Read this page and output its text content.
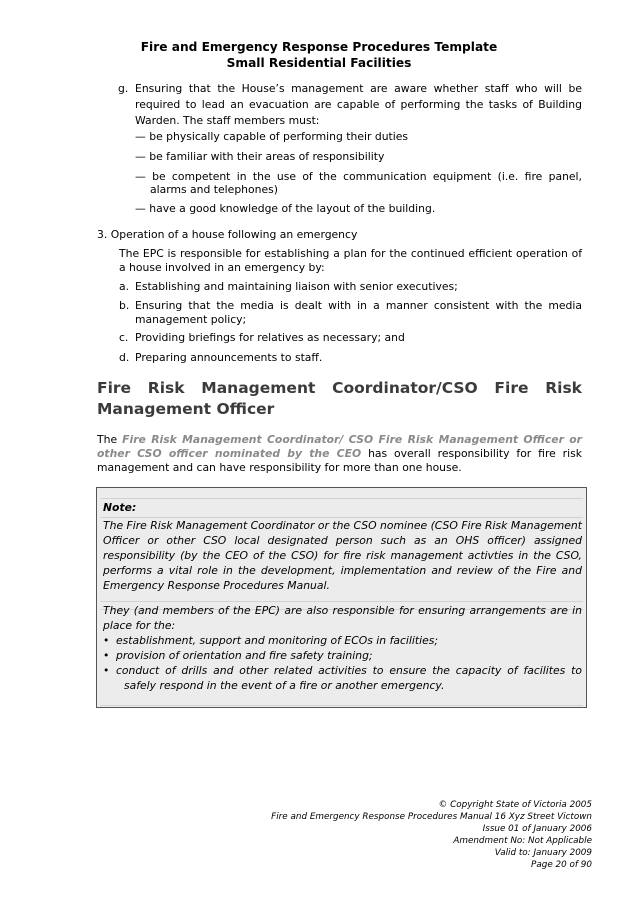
Fire and Emergency Response Procedures Template
Small Residential Facilities
g. Ensuring that the House’s management are aware whether staff who will be
required to lead an evacuation are capable of performing the tasks of Building
Warden. The staff members must:
— be physically capable of performing their duties
— be familiar with their areas of responsibility
— be competent in the use of the communication equipment (i.e. fire panel,
alarms and telephones)
— have a good knowledge of the layout of the building.
3. Operation of a house following an emergency
The EPC is responsible for establishing a plan for the continued efficient operation of
a house involved in an emergency by:
a. Establishing and maintaining liaison with senior executives;
b. Ensuring that the media is dealt with in a manner consistent with the media
management policy;
c. Providing briefings for relatives as necessary; and
d. Preparing announcements to staff.
Fire Risk Management Coordinator/CSO Fire Risk
Management Officer
The Fire Risk Management Coordinator/ CSO Fire Risk Management Officer or
other CSO officer nominated by the CEO has overall responsibility for fire risk
management and can have responsibility for more than one house.
Note:
The Fire Risk Management Coordinator or the CSO nominee (CSO Fire Risk Management
Officer or other CSO local designated person such as an OHS officer) assigned
responsibility (by the CEO of the CSO) for fire risk management activties in the CSO,
performs a vital role in the development, implementation and review of the Fire and
Emergency Response Procedures Manual.
They (and members of the EPC) are also responsible for ensuring arrangements are in
place for the:
• establishment, support and monitoring of ECOs in facilities;
• provision of orientation and fire safety training;
• conduct of drills and other related activities to ensure the capacity of facilites to
safely respond in the event of a fire or another emergency.
© Copyright State of Victoria 2005
Fire and Emergency Response Procedures Manual 16 Xyz Street Victown
Issue 01 of January 2006
Amendment No: Not Applicable
Valid to: January 2009
Page 20 of 90
